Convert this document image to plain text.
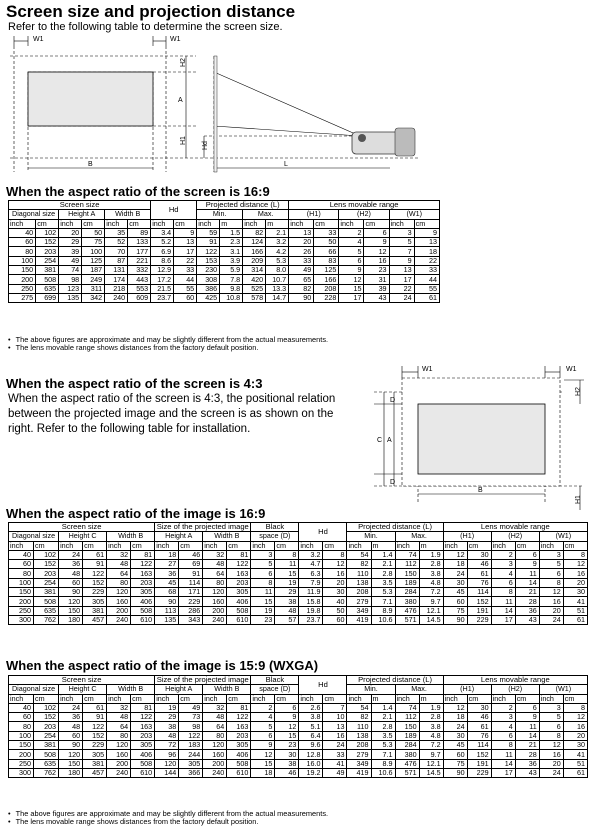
Screen size and projection distance
Refer to the following table to determine the screen size.
W1	W1
H2
A
H1
Hd
B	L
When the aspect ratio of the screen is 16:9
Screen size						Hd		Projected distance (L)				Lens movable range					
Diagonal size		Height A		Width B				Min.		Max.		(H1)		(H2)		(W1)	
inch	cm	inch	cm	inch	cm	inch	cm	inch	m	inch	m	inch	cm	inch	cm	inch	cm
40	102	20	50	35	89	3.4	9	59	1.5	82	2.1	13	33	2	6	3	9
60	152	29	75	52	133	5.2	13	91	2.3	124	3.2	20	50	4	9	5	13
80	203	39	100	70	177	6.9	17	122	3.1	166	4.2	26	66	5	12	7	18
100	254	49	125	87	221	8.6	22	153	3.9	209	5.3	33	83	6	16	9	22
150	381	74	187	131	332	12.9	33	230	5.9	314	8.0	49	125	9	23	13	33
200	508	98	249	174	443	17.2	44	308	7.8	420	10.7	65	166	12	31	17	44
250	635	123	311	218	553	21.5	55	386	9.8	525	13.3	82	208	15	39	22	55
275	699	135	342	240	609	23.7	60	425	10.8	578	14.7	90	228	17	43	24	61
• The above figures are approximate and may be slightly different from the actual measurements.
• The lens movable range shows distances from the factory default position.
When the aspect ratio of the screen is 4:3
When the aspect ratio of the screen is 4:3, the positional relation between the projected image and the screen is as shown on the right. Refer to the following table for installation.
W1	W1
D
H2
C A
D
B
H1
When the aspect ratio of the image is 16:9
Screen size						Size of the projected image				Black		Hd		Projected distance (L)				Lens movable range					
Diagonal size		Height C		Width B		Height A		Width B		space (D)				Min.		Max.		(H1)		(H2)		(W1)	
inch	cm	inch	cm	inch	cm	inch	cm	inch	cm	inch	cm	inch	cm	inch	m	inch	m	inch	cm	inch	cm	inch	cm
40	102	24	61	32	81	18	46	32	81	3	8	3.2	8	54	1.4	74	1.9	12	30	2	6	3	8
60	152	36	91	48	122	27	69	48	122	5	11	4.7	12	82	2.1	112	2.8	18	46	3	9	5	12
80	203	48	122	64	163	36	91	64	163	6	15	6.3	16	110	2.8	150	3.8	24	61	4	11	6	16
100	254	60	152	80	203	45	114	80	203	8	19	7.9	20	138	3.5	189	4.8	30	76	6	14	8	20
150	381	90	229	120	305	68	171	120	305	11	29	11.9	30	208	5.3	284	7.2	45	114	8	21	12	30
200	508	120	305	160	406	90	229	160	406	15	38	15.8	40	279	7.1	380	9.7	60	152	11	28	16	41
250	635	150	381	200	508	113	286	200	508	19	48	19.8	50	349	8.9	476	12.1	75	191	14	36	20	51
300	762	180	457	240	610	135	343	240	610	23	57	23.7	60	419	10.6	571	14.5	90	229	17	43	24	61
When the aspect ratio of the image is 15:9 (WXGA)
Screen size						Size of the projected image				Black		Hd		Projected distance (L)				Lens movable range					
Diagonal size		Height C		Width B		Height A		Width B		space (D)				Min.		Max.		(H1)		(H2)		(W1)	
inch	cm	inch	cm	inch	cm	inch	cm	inch	cm	inch	cm	inch	cm	inch	m	inch	m	inch	cm	inch	cm	inch	cm
40	102	24	61	32	81	19	49	32	81	2	6	2.6	7	54	1.4	74	1.9	12	30	2	6	3	8
60	152	36	91	48	122	29	73	48	122	4	9	3.8	10	82	2.1	112	2.8	18	46	3	9	5	12
80	203	48	122	64	163	38	98	64	163	5	12	5.1	13	110	2.8	150	3.8	24	61	4	11	6	16
100	254	60	152	80	203	48	122	80	203	6	15	6.4	16	138	3.5	189	4.8	30	76	6	14	8	20
150	381	90	229	120	305	72	183	120	305	9	23	9.6	24	208	5.3	284	7.2	45	114	8	21	12	30
200	508	120	305	160	406	96	244	160	406	12	30	12.8	33	279	7.1	380	9.7	60	152	11	28	16	41
250	635	150	381	200	508	120	305	200	508	15	38	16.0	41	349	8.9	476	12.1	75	191	14	36	20	51
300	762	180	457	240	610	144	366	240	610	18	46	19.2	49	419	10.6	571	14.5	90	229	17	43	24	61
• The above figures are approximate and may be slightly different from the actual measurements.
• The lens movable range shows distances from the factory default position.
